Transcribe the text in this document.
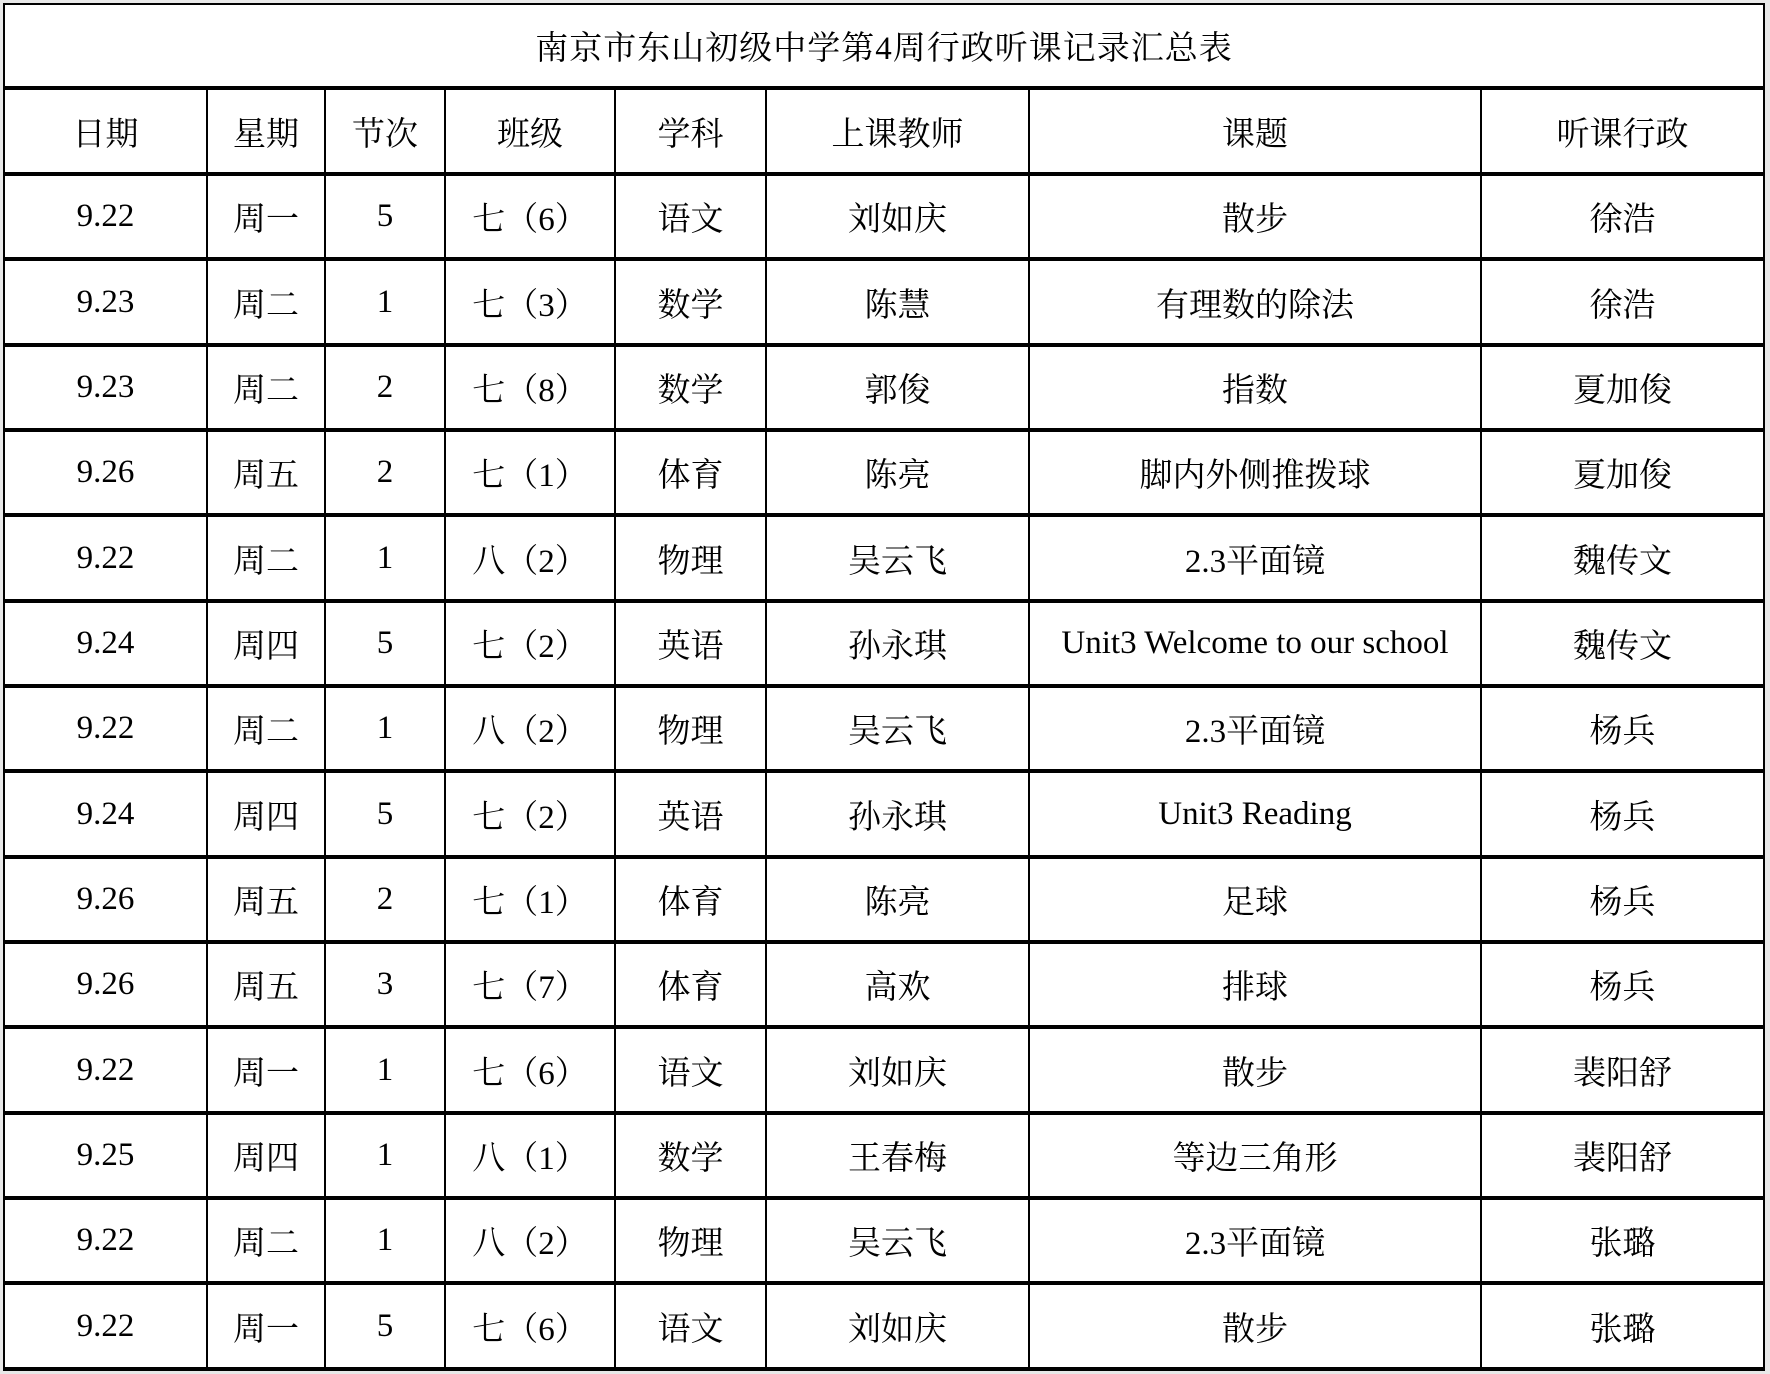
南京市东山初级中学第4周行政听课记录汇总表							
日期	星期	节次	班级	学科	上课教师	课题	听课行政
9.22	周一	5	七（6）	语文	刘如庆	散步	徐浩
9.23	周二	1	七（3）	数学	陈慧	有理数的除法	徐浩
9.23	周二	2	七（8）	数学	郭俊	指数	夏加俊
9.26	周五	2	七（1）	体育	陈亮	脚内外侧推拨球	夏加俊
9.22	周二	1	八（2）	物理	吴云飞	2.3平面镜	魏传文
9.24	周四	5	七（2）	英语	孙永琪	Unit3 Welcome to our school	魏传文
9.22	周二	1	八（2）	物理	吴云飞	2.3平面镜	杨兵
9.24	周四	5	七（2）	英语	孙永琪	Unit3 Reading	杨兵
9.26	周五	2	七（1）	体育	陈亮	足球	杨兵
9.26	周五	3	七（7）	体育	高欢	排球	杨兵
9.22	周一	1	七（6）	语文	刘如庆	散步	裴阳舒
9.25	周四	1	八（1）	数学	王春梅	等边三角形	裴阳舒
9.22	周二	1	八（2）	物理	吴云飞	2.3平面镜	张璐
9.22	周一	5	七（6）	语文	刘如庆	散步	张璐
